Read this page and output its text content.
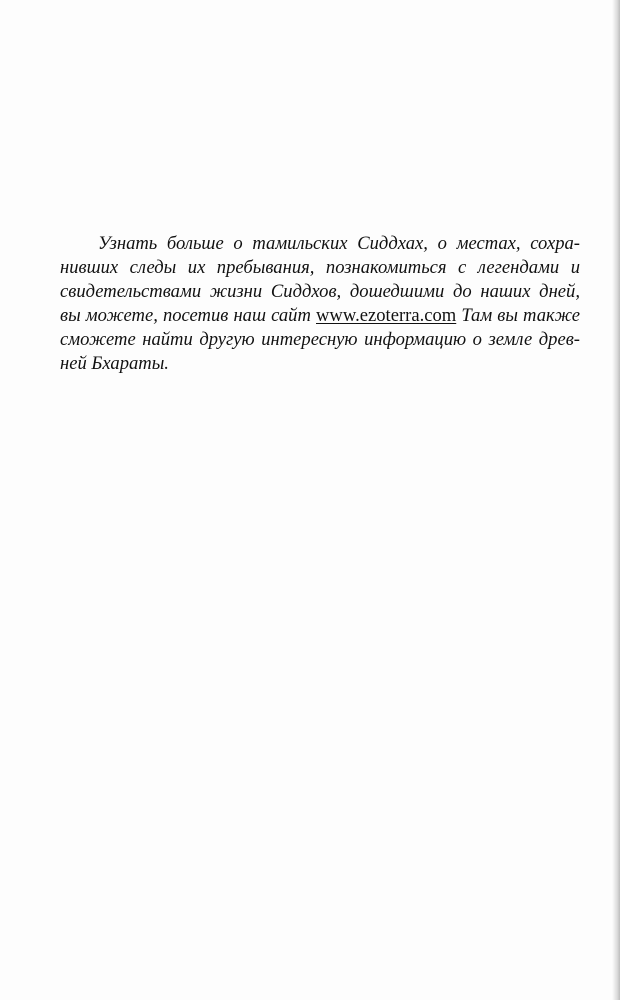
Узнать больше о тамильских Сиддхах, о местах, сохра-
нивших следы их пребывания, познакомиться с легендами и
свидетельствами жизни Сиддхов, дошедшими до наших дней,
вы можете, посетив наш сайт www.ezoterra.com Там вы также
сможете найти другую интересную информацию о земле древ-
ней Бхараты.
